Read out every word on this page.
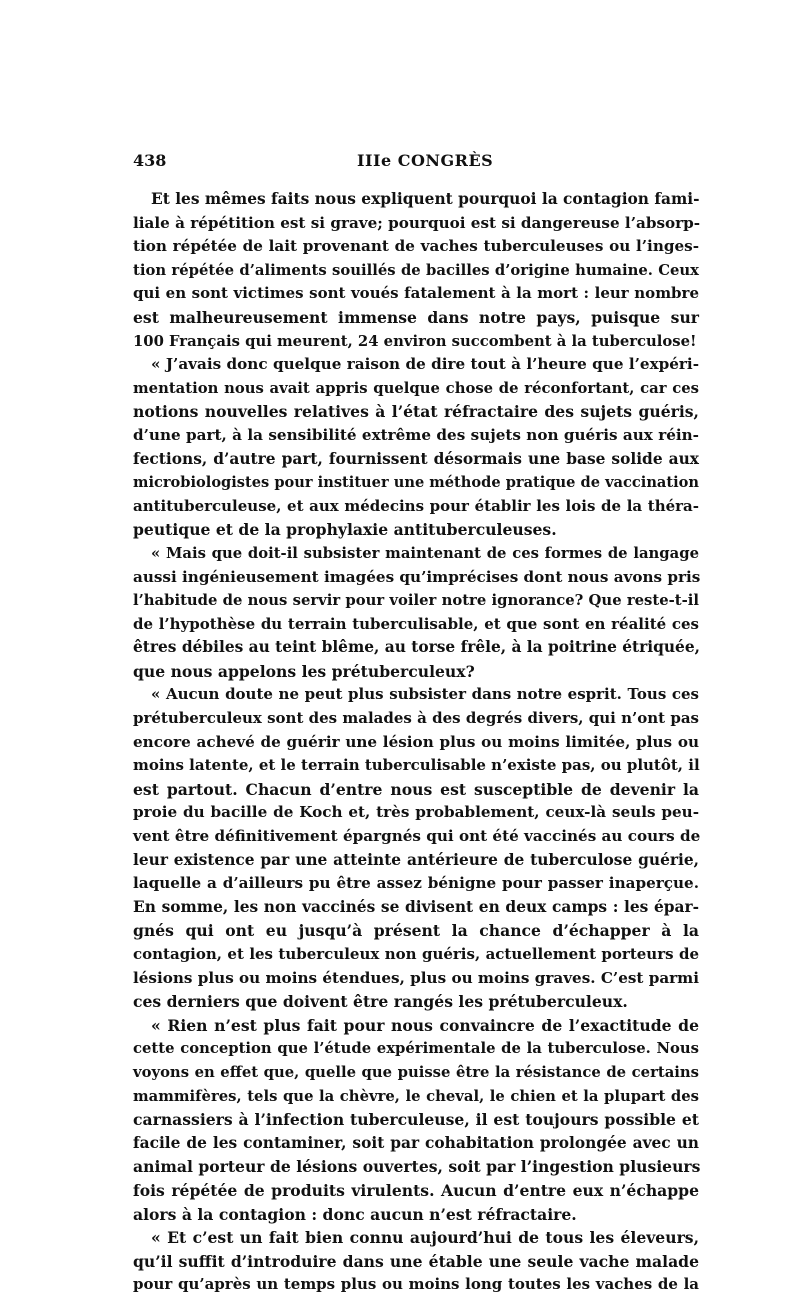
438	IIIe CONGRÈS
Et les mêmes faits nous expliquent pourquoi la contagion fami-
liale à répétition est si grave; pourquoi est si dangereuse l’absorp-
tion répétée de lait provenant de vaches tuberculeuses ou l’inges-
tion répétée d’aliments souillés de bacilles d’origine humaine. Ceux
qui en sont victimes sont voués fatalement à la mort : leur nombre
est malheureusement immense dans notre pays, puisque sur
100 Français qui meurent, 24 environ succombent à la tuberculose!
« J’avais donc quelque raison de dire tout à l’heure que l’expéri-
mentation nous avait appris quelque chose de réconfortant, car ces
notions nouvelles relatives à l’état réfractaire des sujets guéris,
d’une part, à la sensibilité extrême des sujets non guéris aux réin-
fections, d’autre part, fournissent désormais une base solide aux
microbiologistes pour instituer une méthode pratique de vaccination
antituberculeuse, et aux médecins pour établir les lois de la théra-
peutique et de la prophylaxie antituberculeuses.
« Mais que doit-il subsister maintenant de ces formes de langage
aussi ingénieusement imagées qu’imprécises dont nous avons pris
l’habitude de nous servir pour voiler notre ignorance? Que reste-t-il
de l’hypothèse du terrain tuberculisable, et que sont en réalité ces
êtres débiles au teint blême, au torse frêle, à la poitrine étriquée,
que nous appelons les prétuberculeux?
« Aucun doute ne peut plus subsister dans notre esprit. Tous ces
prétuberculeux sont des malades à des degrés divers, qui n’ont pas
encore achevé de guérir une lésion plus ou moins limitée, plus ou
moins latente, et le terrain tuberculisable n’existe pas, ou plutôt, il
est partout. Chacun d’entre nous est susceptible de devenir la
proie du bacille de Koch et, très probablement, ceux-là seuls peu-
vent être définitivement épargnés qui ont été vaccinés au cours de
leur existence par une atteinte antérieure de tuberculose guérie,
laquelle a d’ailleurs pu être assez bénigne pour passer inaperçue.
En somme, les non vaccinés se divisent en deux camps : les épar-
gnés qui ont eu jusqu’à présent la chance d’échapper à la
contagion, et les tuberculeux non guéris, actuellement porteurs de
lésions plus ou moins étendues, plus ou moins graves. C’est parmi
ces derniers que doivent être rangés les prétuberculeux.
« Rien n’est plus fait pour nous convaincre de l’exactitude de
cette conception que l’étude expérimentale de la tuberculose. Nous
voyons en effet que, quelle que puisse être la résistance de certains
mammifères, tels que la chèvre, le cheval, le chien et la plupart des
carnassiers à l’infection tuberculeuse, il est toujours possible et
facile de les contaminer, soit par cohabitation prolongée avec un
animal porteur de lésions ouvertes, soit par l’ingestion plusieurs
fois répétée de produits virulents. Aucun d’entre eux n’échappe
alors à la contagion : donc aucun n’est réfractaire.
« Et c’est un fait bien connu aujourd’hui de tous les éleveurs,
qu’il suffit d’introduire dans une étable une seule vache malade
pour qu’après un temps plus ou moins long toutes les vaches de la
